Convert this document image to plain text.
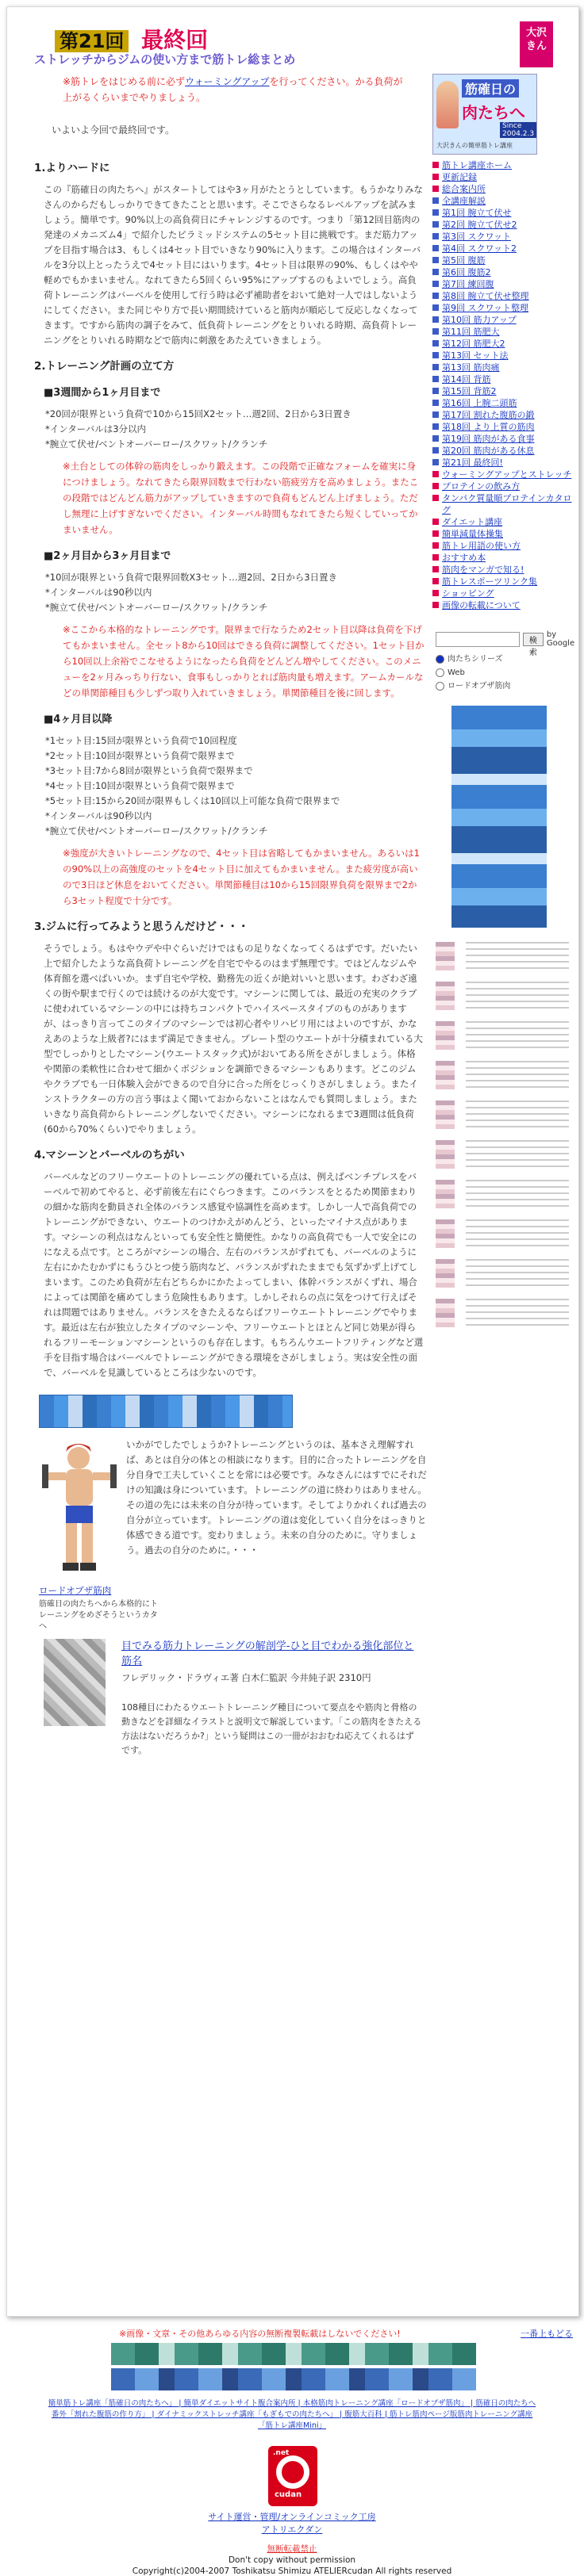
第21回 最終回	大沢
きん
ストレッチからジムの使い方まで筋トレ総まとめ
※筋トレをはじめる前に必ずウォーミングアップを行ってください。かる負荷が上がるくらいまでやりましょう。
いよいよ今回で最終回です。
1.よりハードに

この『筋確日の肉たちへ』がスタートしてはや3ヶ月がたとうとしています。もうかなりみなさんのからだもしっかりできてきたことと思います。そこでさらなるレベルアップを試みましょう。簡単です。90%以上の高負荷日にチャレンジするのです。つまり「第12回目筋肉の発達のメカニズム4」で紹介したピラミッドシステムの5セット目に挑戦です。まだ筋力アップを目指す場合は3、もしくは4セット目でいきなり90%に入ります。この場合はインターバルを3分以上とったうえで4セット目にはいります。4セット目は限界の90%、もしくはやや軽めでもかまいません。なれてきたら5回くらい95%にアップするのもよいでしょう。高負荷トレーニングはバーベルを使用して行う時は必ず補助者をおいて絶対一人ではしないようにしてください。また同じやり方で長い期間続けていると筋肉が順応して反応しなくなってきます。ですから筋肉の調子をみて、低負荷トレーニングをとりいれる時期、高負荷トレーニングをとりいれる時期などで筋肉に刺激をあたえていきましょう。

2.トレーニング計画の立て方
■3週間から1ヶ月目まで
*20回が限界という負荷で10から15回X2セット…週2回、2日から3日置き
*インターバルは3分以内
*腕立て伏せ/ベントオーバーロー/スクワット/クランチ
※土台としての体幹の筋肉をしっかり鍛えます。この段階で正確なフォームを確実に身につけましょう。なれてきたら限界回数まで行わない筋疲労方を高めましょう。またこの段階ではどんどん筋力がアップしていきますので負荷もどんどん上げましょう。ただし無理に上げすぎないでください。インターバル時間もなれてきたら短くしていってかまいません。
■2ヶ月目から3ヶ月目まで
*10回が限界という負荷で限界回数X3セット…週2回、2日から3日置き
*インターバルは90秒以内
*腕立て伏せ/ベントオーバーロー/スクワット/クランチ
※ここから本格的なトレーニングです。限界まで行なうため2セット目以降は負荷を下げてもかまいません。全セット8から10回はできる負荷に調整してください。1セット目から10回以上余裕でこなせるようになったら負荷をどんどん増やしてください。このメニューを2ヶ月みっちり行ない、食事もしっかりとれば筋肉量も増えます。アームカールなどの単関節種目も少しずつ取り入れていきましょう。単関節種目を後に回します。
■4ヶ月目以降
*1セット目:15回が限界という負荷で10回程度
*2セット目:10回が限界という負荷で限界まで
*3セット目:7から8回が限界という負荷で限界まで
*4セット目:10回が限界という負荷で限界まで
*5セット目:15から20回が限界もしくは10回以上可能な負荷で限界まで
*インターバルは90秒以内
*腕立て伏せ/ベントオーバーロー/スクワット/クランチ
※強度が大きいトレーニングなので、4セット目は省略してもかまいません。あるいは1の90%以上の高強度のセットを4セット目に加えてもかまいません。また疲労度が高いので3日ほど休息をおいてください。単関節種目は10から15回限界負荷を限界まで2から3セット程度で十分です。
3.ジムに行ってみようと思うんだけど・・・

そうでしょう。もはやウデや中ぐらいだけではもの足りなくなってくるはずです。だいたい上で紹介したような高負荷トレーニングを自宅でやるのはまず無理です。ではどんなジムや体育館を選べばいいか。まず自宅や学校、勤務先の近くが絶対いいと思います。わざわざ遠くの街や駅まで行くのでは続けるのが大変です。マシーンに関しては、最近の充実のクラブに使われているマシーンの中には持ちコンパクトでハイスペースタイプのものがありますが、はっきり言ってこのタイプのマシーンでは初心者やリハビリ用にはよいのですが、かなえあのような上級者?にはまず満足できません。プレート型のウエートが十分積まれている大型でしっかりとしたマシーン(ウエートスタック式)がおいてある所をさがしましょう。体格や関節の柔軟性に合わせて細かくポジションを調節できるマシーンもあります。どこのジムやクラブでも一日体験入会ができるので自分に合った所をじっくりさがしましょう。またインストラクターの方の言う事はよく聞いておからないことはなんでも質問しましょう。またいきなり高負荷からトレーニングしないでください。マシーンになれるまで3週間は低負荷(60から70%くらい)でやりましょう。

4.マシーンとバーベルのちがい

バーベルなどのフリーウエートのトレーニングの優れている点は、例えばベンチプレスをバーベルで初めてやると、必ず前後左右にぐらつきます。このバランスをとるため関節まわりの細かな筋肉を動員され全体のバランス感覚や協調性を高めます。しかし一人で高負荷でのトレーニングができない、ウエートのつけかえがめんどう、といったマイナス点があります。マシーンの利点はなんといっても安全性と簡便性。かなりの高負荷でも一人で安全にのになえる点です。ところがマシーンの場合、左右のバランスがずれても、バーベルのように左右にかたむかずにもうひとつ使う筋肉など、バランスがずれたままでも気ずかず上げてしまいます。このため負荷が左右どちらかにかたよってしまい、体幹バランスがくずれ、場合によっては関節を痛めてしまう危険性もあります。しかしそれらの点に気をつけて行えばそれは問題ではありません。バランスをきたえるならばフリーウエートトレーニングでやります。最近は左右が独立したタイプのマシーンや、フリーウエートとほとんど同じ効果が得られるフリーモーションマシーンというのも存在します。もちろんウエートフリティングなど選手を目指す場合はバーベルでトレーニングができる環境をさがしましょう。実は安全性の面で、バーベルを見識しているところは少ないのです。

いかがでしたでしょうか?トレーニングというのは、基本さえ理解すれば、あとは自分の体との相談になります。目的に合ったトレーニングを自分自身で工夫していくことを常には必要です。みなさんにはすでにそれだけの知識は身についています。トレーニングの道に終わりはありません。その道の先には未来の自分が待っています。そしてよりかれくれば過去の自分が立っています。トレーニングの道は変化していく自分をはっきりと体感できる道です。変わりましょう。未来の自分のために。守りましょう。過去の自分のために。・・・
ロードオブザ筋肉
筋確日の肉たちへから本格的にトレーニングをめざそうというカタへ
目でみる筋力トレーニングの解剖学-ひと目でわかる強化部位と筋名
フレデリック・ドラヴィエ著 白木仁監訳 今井純子訳 2310円
108種目にわたるウエートトレーニング種目について要点をや筋肉と骨格の動きなどを詳細なイラストと説明文で解説しています。「この筋肉をきたえる方法はないだろうか?」という疑問はこの一冊がおおむね応えてくれるはずです。
筋確日の
肉たちへ
Since 2004.2.3
大沢きんの簡単筋トレ講座
筋トレ講座ホーム
更新記録
総合案内所
全講座解説
第1回 腕立て伏せ
第2回 腕立て伏せ2
第3回 スクワット
第4回 スクワット2
第5回 腹筋
第6回 腹筋2
第7回 練回腹
第8回 腕立て伏せ整理
第9回 スクワット整理
第10回 筋力アップ
第11回 筋肥大
第12回 筋肥大2
第13回 セット法
第13回 筋肉痛
第14回 背筋
第15回 背筋2
第16回 上腕二頭筋
第17回 割れた腹筋の鍛
第18回 より上質の筋肉
第19回 筋肉がある食事
第20回 筋肉がある休息
第21回 最終回!
ウォーミングアップとストレッチ
プロテインの飲み方
タンパク質量順プロテインカタログ
ダイエット講座
簡単減量体操集
筋トレ用語の使い方
おすすめ本
筋肉をマンガで知る!
筋トレスポーツリンク集
ショッピング
画像の転載について
検索
by Google
肉たちシリーズ
Web
ロードオブザ筋肉
※画像・文章・その他あらゆる内容の無断複製転載はしないでください!	一番上もどる
簡単筋トレ講座「筋確日の肉たちへ」 | 簡単ダイエットサイト腹合案内所 | 本格筋肉トレーニング講座「ロードオブザ筋肉」 | 筋確日の肉たちへ番外「割れた腹筋の作り方」 | ダイナミックストレッチ講座「もぎもでの肉たちへ」 | 腹筋大百科 | 筋トレ筋肉ページ版筋肉トレーニング講座「筋トレ講座Mini」
.net
cudan
サイト運営・管理/オンラインコミック工房
アトリエクダン
無断転載禁止
Don't copy without permission
Copyright(c)2004-2007 Toshikatsu Shimizu ATELIERcudan All rights reserved
